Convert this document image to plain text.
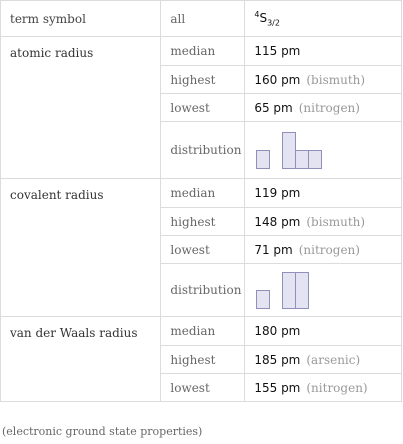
term symbol	all	$^4S_{3/2}$
atomic radius	median	115 pm
	highest	160 pm (bismuth)
	lowest	65 pm (nitrogen)
	distribution	

covalent radius	median	119 pm
	highest	148 pm (bismuth)
	lowest	71 pm (nitrogen)
	distribution	

van der Waals radius	median	180 pm
	highest	185 pm (arsenic)
	lowest	155 pm (nitrogen)
(electronic ground state properties)
